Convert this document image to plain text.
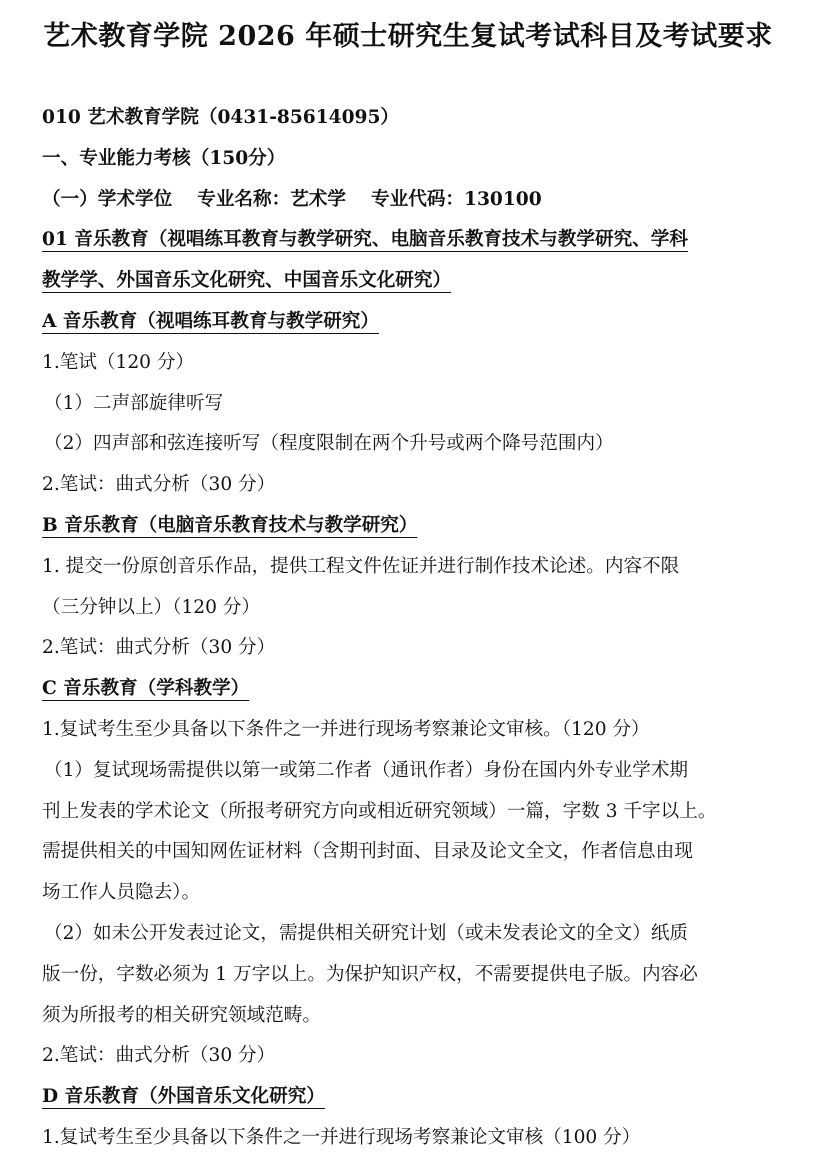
艺术教育学院 2026 年硕士研究生复试考试科目及考试要求
010 艺术教育学院（0431-85614095）
一、专业能力考核（150分）
（一）学术学位　 专业名称：艺术学　 专业代码：130100
01 音乐教育（视唱练耳教育与教学研究、电脑音乐教育技术与教学研究、学科
教学学、外国音乐文化研究、中国音乐文化研究）
A 音乐教育（视唱练耳教育与教学研究）
1.笔试（120 分）
（1）二声部旋律听写
（2）四声部和弦连接听写（程度限制在两个升号或两个降号范围内）
2.笔试：曲式分析（30 分）
B 音乐教育（电脑音乐教育技术与教学研究）
1. 提交一份原创音乐作品，提供工程文件佐证并进行制作技术论述。内容不限
（三分钟以上）（120 分）
2.笔试：曲式分析（30 分）
C 音乐教育（学科教学）
1.复试考生至少具备以下条件之一并进行现场考察兼论文审核。（120 分）
（1）复试现场需提供以第一或第二作者（通讯作者）身份在国内外专业学术期
刊上发表的学术论文（所报考研究方向或相近研究领域）一篇，字数 3 千字以上。
需提供相关的中国知网佐证材料（含期刊封面、目录及论文全文，作者信息由现
场工作人员隐去）。
（2）如未公开发表过论文，需提供相关研究计划（或未发表论文的全文）纸质
版一份，字数必须为 1 万字以上。为保护知识产权，不需要提供电子版。内容必
须为所报考的相关研究领域范畴。
2.笔试：曲式分析（30 分）
D 音乐教育（外国音乐文化研究）
1.复试考生至少具备以下条件之一并进行现场考察兼论文审核（100 分）
